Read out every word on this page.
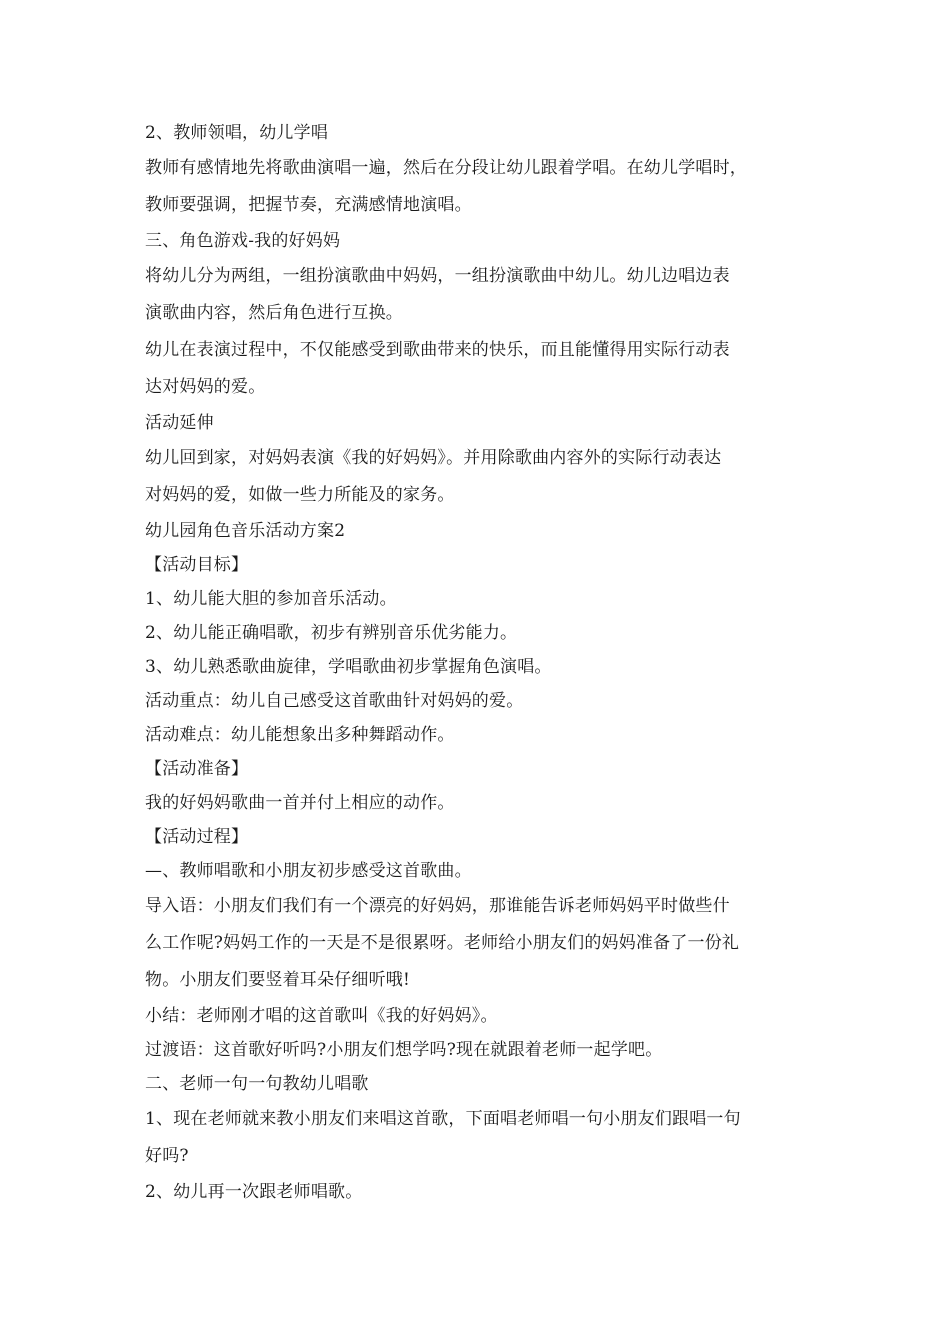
2、教师领唱，幼儿学唱
教师有感情地先将歌曲演唱一遍，然后在分段让幼儿跟着学唱。在幼儿学唱时，
教师要强调，把握节奏，充满感情地演唱。
三、角色游戏-我的好妈妈
将幼儿分为两组，一组扮演歌曲中妈妈，一组扮演歌曲中幼儿。幼儿边唱边表
演歌曲内容，然后角色进行互换。
幼儿在表演过程中，不仅能感受到歌曲带来的快乐，而且能懂得用实际行动表
达对妈妈的爱。
活动延伸
幼儿回到家，对妈妈表演《我的好妈妈》。并用除歌曲内容外的实际行动表达
对妈妈的爱，如做一些力所能及的家务。
幼儿园角色音乐活动方案2
【活动目标】
1、幼儿能大胆的参加音乐活动。
2、幼儿能正确唱歌，初步有辨别音乐优劣能力。
3、幼儿熟悉歌曲旋律，学唱歌曲初步掌握角色演唱。
活动重点：幼儿自己感受这首歌曲针对妈妈的爱。
活动难点：幼儿能想象出多种舞蹈动作。
【活动准备】
我的好妈妈歌曲一首并付上相应的动作。
【活动过程】
—、教师唱歌和小朋友初步感受这首歌曲。
导入语：小朋友们我们有一个漂亮的好妈妈，那谁能告诉老师妈妈平时做些什
么工作呢?妈妈工作的一天是不是很累呀。老师给小朋友们的妈妈准备了一份礼
物。小朋友们要竖着耳朵仔细听哦!
小结：老师刚才唱的这首歌叫《我的好妈妈》。
过渡语：这首歌好听吗?小朋友们想学吗?现在就跟着老师一起学吧。
二、老师一句一句教幼儿唱歌
1、现在老师就来教小朋友们来唱这首歌，下面唱老师唱一句小朋友们跟唱一句
好吗?
2、幼儿再一次跟老师唱歌。
